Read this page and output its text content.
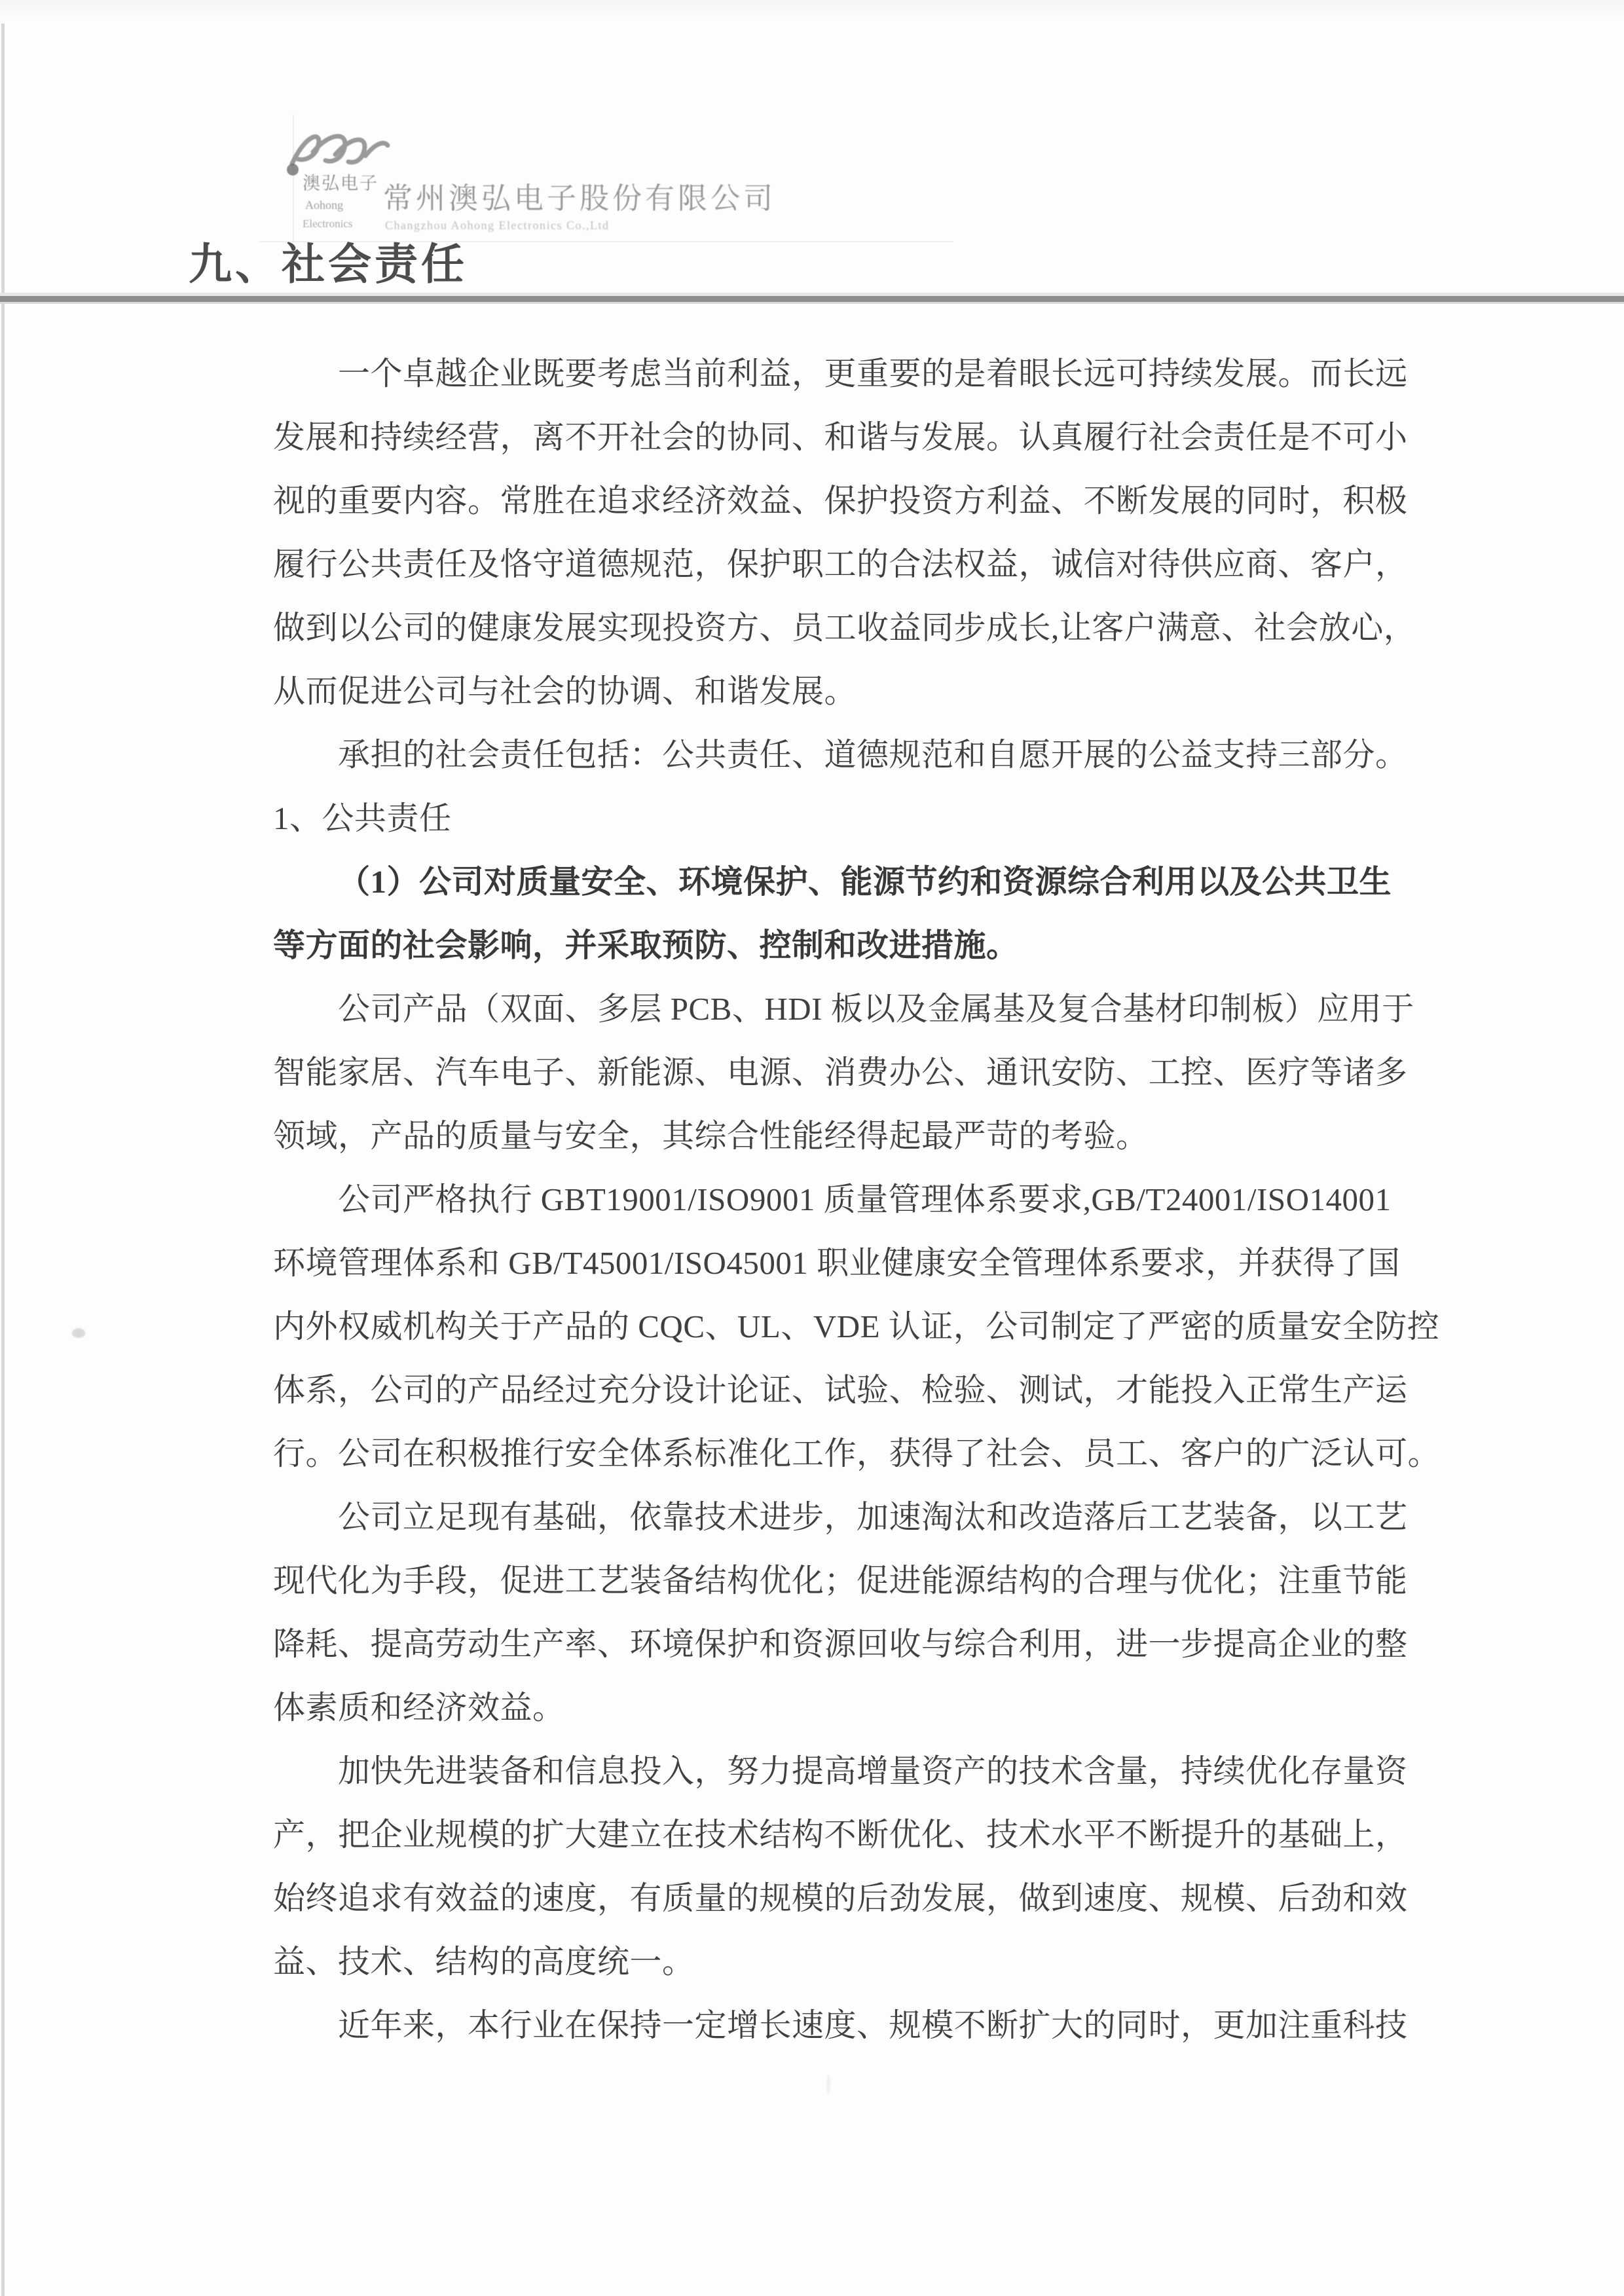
澳弘电子
Aohong
Electronics
常州澳弘电子股份有限公司
Changzhou Aohong Electronics Co.,Ltd
九、社会责任
一个卓越企业既要考虑当前利益，更重要的是着眼长远可持续发展。而长远
发展和持续经营，离不开社会的协同、和谐与发展。认真履行社会责任是不可小
视的重要内容。常胜在追求经济效益、保护投资方利益、不断发展的同时，积极
履行公共责任及恪守道德规范，保护职工的合法权益，诚信对待供应商、客户，
做到以公司的健康发展实现投资方、员工收益同步成长,让客户满意、社会放心，
从而促进公司与社会的协调、和谐发展。
承担的社会责任包括：公共责任、道德规范和自愿开展的公益支持三部分。
1、公共责任
（1）公司对质量安全、环境保护、能源节约和资源综合利用以及公共卫生
等方面的社会影响，并采取预防、控制和改进措施。
公司产品（双面、多层 PCB、HDI 板以及金属基及复合基材印制板）应用于
智能家居、汽车电子、新能源、电源、消费办公、通讯安防、工控、医疗等诸多
领域，产品的质量与安全，其综合性能经得起最严苛的考验。
公司严格执行 GBT19001/ISO9001 质量管理体系要求,GB/T24001/ISO14001
环境管理体系和 GB/T45001/ISO45001 职业健康安全管理体系要求，并获得了国
内外权威机构关于产品的 CQC、UL、VDE 认证，公司制定了严密的质量安全防控
体系，公司的产品经过充分设计论证、试验、检验、测试，才能投入正常生产运
行。公司在积极推行安全体系标准化工作，获得了社会、员工、客户的广泛认可。
公司立足现有基础，依靠技术进步，加速淘汰和改造落后工艺装备，以工艺
现代化为手段，促进工艺装备结构优化；促进能源结构的合理与优化；注重节能
降耗、提高劳动生产率、环境保护和资源回收与综合利用，进一步提高企业的整
体素质和经济效益。
加快先进装备和信息投入，努力提高增量资产的技术含量，持续优化存量资
产，把企业规模的扩大建立在技术结构不断优化、技术水平不断提升的基础上，
始终追求有效益的速度，有质量的规模的后劲发展，做到速度、规模、后劲和效
益、技术、结构的高度统一。
近年来，本行业在保持一定增长速度、规模不断扩大的同时，更加注重科技
